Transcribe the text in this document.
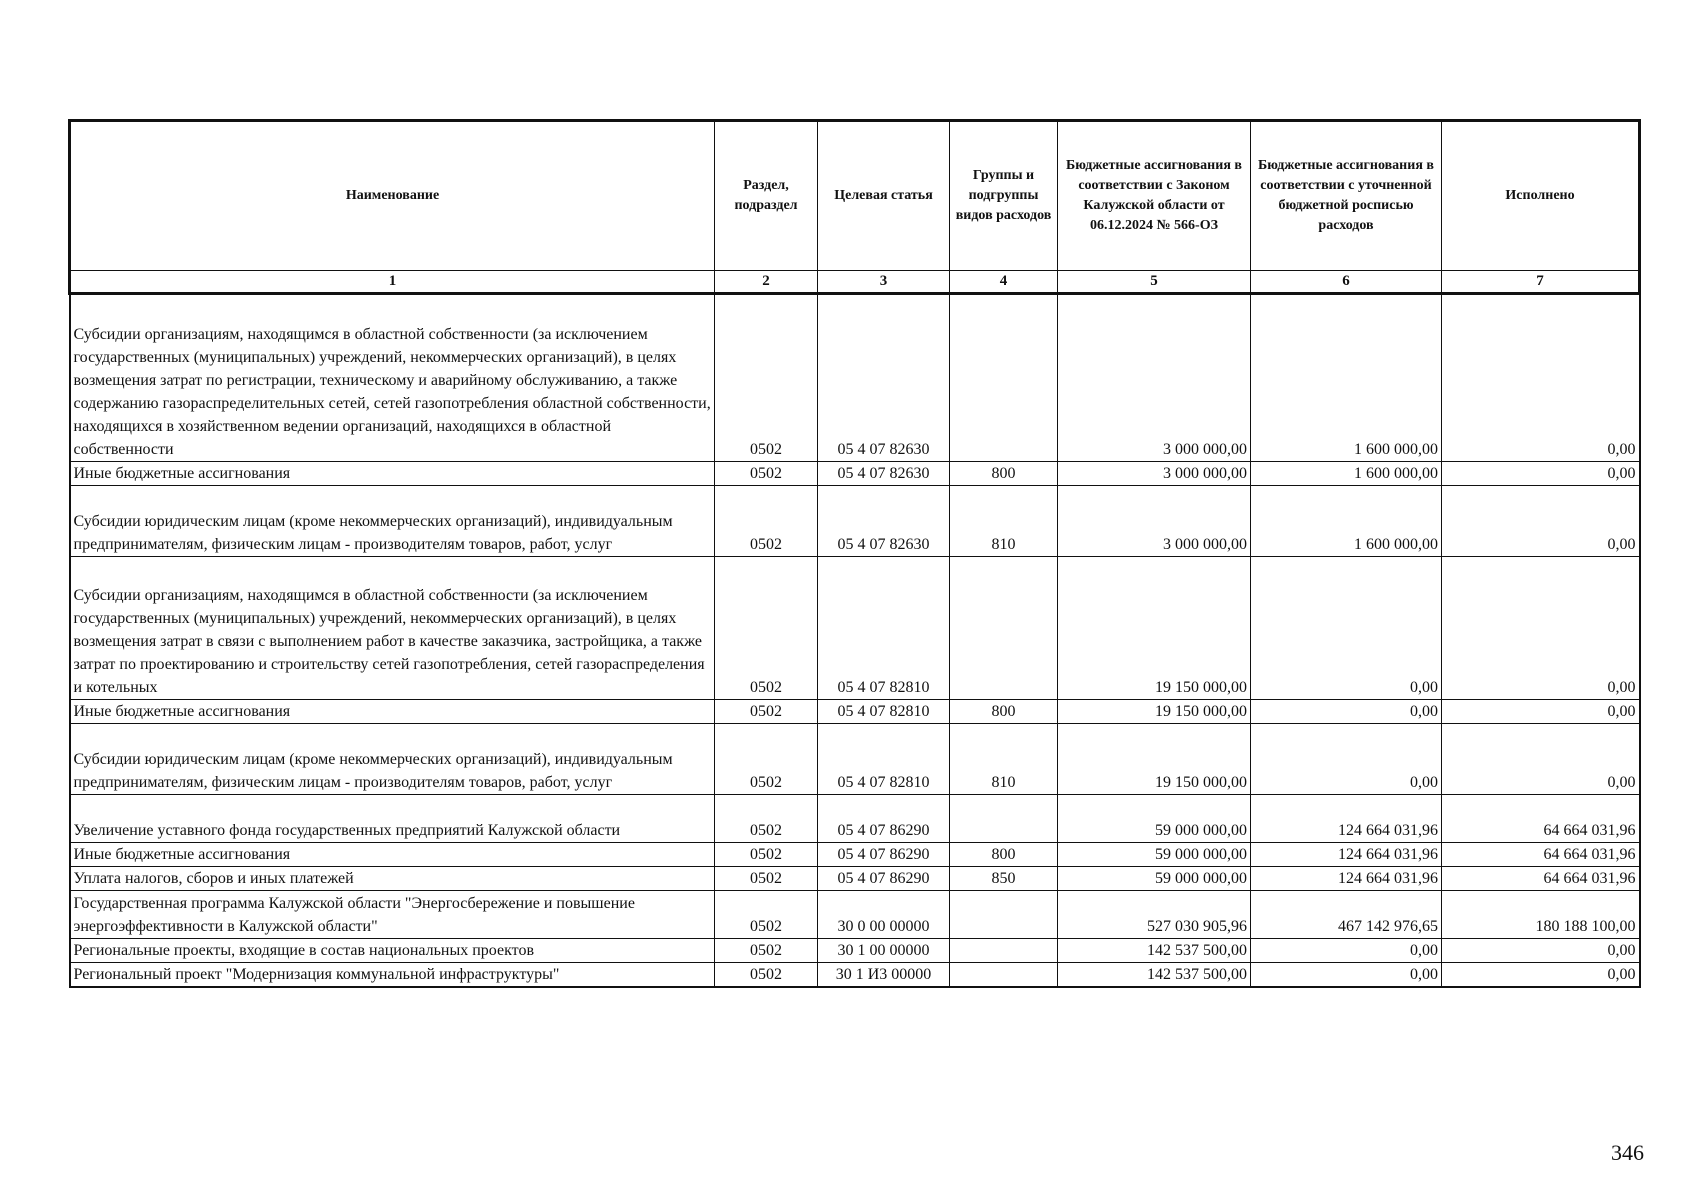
Наименование	Раздел, подраздел	Целевая статья	Группы и подгруппы видов расходов	Бюджетные ассигнования в соответствии с Законом Калужской области от 06.12.2024 № 566-ОЗ	Бюджетные ассигнования в соответствии с уточненной бюджетной росписью расходов	Исполнено
1	2	3	4	5	6	7
Субсидии организациям, находящимся в областной собственности (за исключением государственных (муниципальных) учреждений, некоммерческих организаций), в целях возмещения затрат по регистрации, техническому и аварийному обслуживанию, а также содержанию газораспределительных сетей, сетей газопотребления областной собственности, находящихся в хозяйственном ведении организаций, находящихся в областной собственности	0502	05 4 07 82630		3 000 000,00	1 600 000,00	0,00
Иные бюджетные ассигнования	0502	05 4 07 82630	800	3 000 000,00	1 600 000,00	0,00
Субсидии юридическим лицам (кроме некоммерческих организаций), индивидуальным предпринимателям, физическим лицам - производителям товаров, работ, услуг	0502	05 4 07 82630	810	3 000 000,00	1 600 000,00	0,00
Субсидии организациям, находящимся в областной собственности (за исключением государственных (муниципальных) учреждений, некоммерческих организаций), в целях возмещения затрат в связи с выполнением работ в качестве заказчика, застройщика, а также затрат по проектированию и строительству сетей газопотребления, сетей газораспределения и котельных	0502	05 4 07 82810		19 150 000,00	0,00	0,00
Иные бюджетные ассигнования	0502	05 4 07 82810	800	19 150 000,00	0,00	0,00
Субсидии юридическим лицам (кроме некоммерческих организаций), индивидуальным предпринимателям, физическим лицам - производителям товаров, работ, услуг	0502	05 4 07 82810	810	19 150 000,00	0,00	0,00
Увеличение уставного фонда государственных предприятий Калужской области	0502	05 4 07 86290		59 000 000,00	124 664 031,96	64 664 031,96
Иные бюджетные ассигнования	0502	05 4 07 86290	800	59 000 000,00	124 664 031,96	64 664 031,96
Уплата налогов, сборов и иных платежей	0502	05 4 07 86290	850	59 000 000,00	124 664 031,96	64 664 031,96
Государственная программа Калужской области "Энергосбережение и повышение энергоэффективности в Калужской области"	0502	30 0 00 00000		527 030 905,96	467 142 976,65	180 188 100,00
Региональные проекты, входящие в состав национальных проектов	0502	30 1 00 00000		142 537 500,00	0,00	0,00
Региональный проект "Модернизация коммунальной инфраструктуры"	0502	30 1 И3 00000		142 537 500,00	0,00	0,00
346
